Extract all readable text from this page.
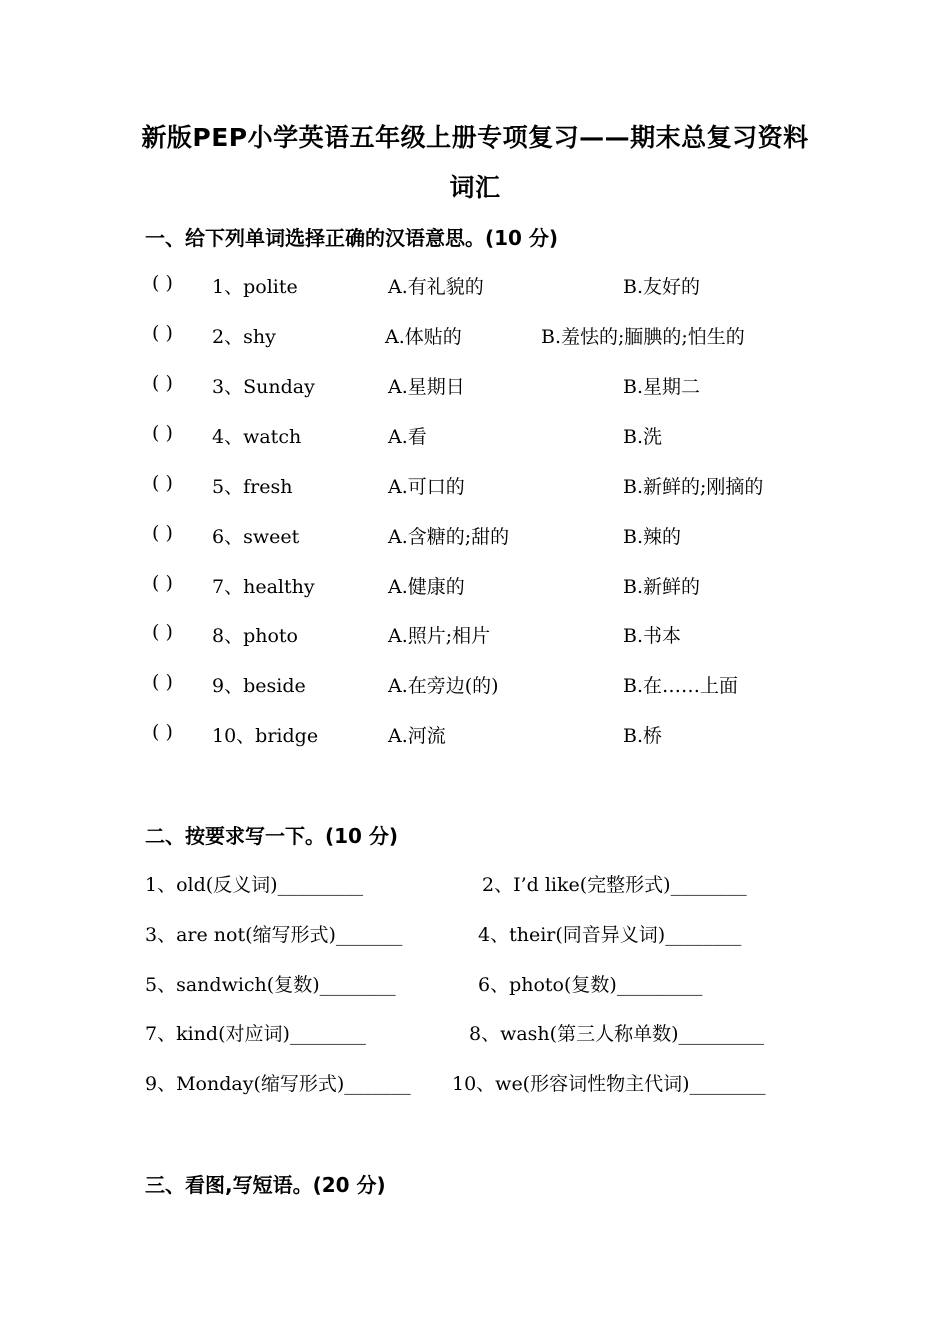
新版PEP小学英语五年级上册专项复习——期末总复习资料
词汇
一、给下列单词选择正确的汉语意思。(10 分)
( ) 1、polite	A.有礼貌的	B.友好的
( ) 2、shy	A.体贴的	B.羞怯的;腼腆的;怕生的
( ) 3、Sunday	A.星期日	B.星期二
( ) 4、watch	A.看	B.洗
( ) 5、fresh	A.可口的	B.新鲜的;刚摘的
( ) 6、sweet	A.含糖的;甜的	B.辣的
( ) 7、healthy	A.健康的	B.新鲜的
( ) 8、photo	A.照片;相片	B.书本
( ) 9、beside	A.在旁边(的)	B.在……上面
( ) 10、bridge	A.河流	B.桥
二、按要求写一下。(10 分)
1、old(反义词)_________	2、I’d like(完整形式)________
3、are not(缩写形式)_______	4、their(同音异义词)________
5、sandwich(复数)________	6、photo(复数)_________
7、kind(对应词)________	8、wash(第三人称单数)_________
9、Monday(缩写形式)_______ 10、we(形容词性物主代词)________
三、看图,写短语。(20 分)
